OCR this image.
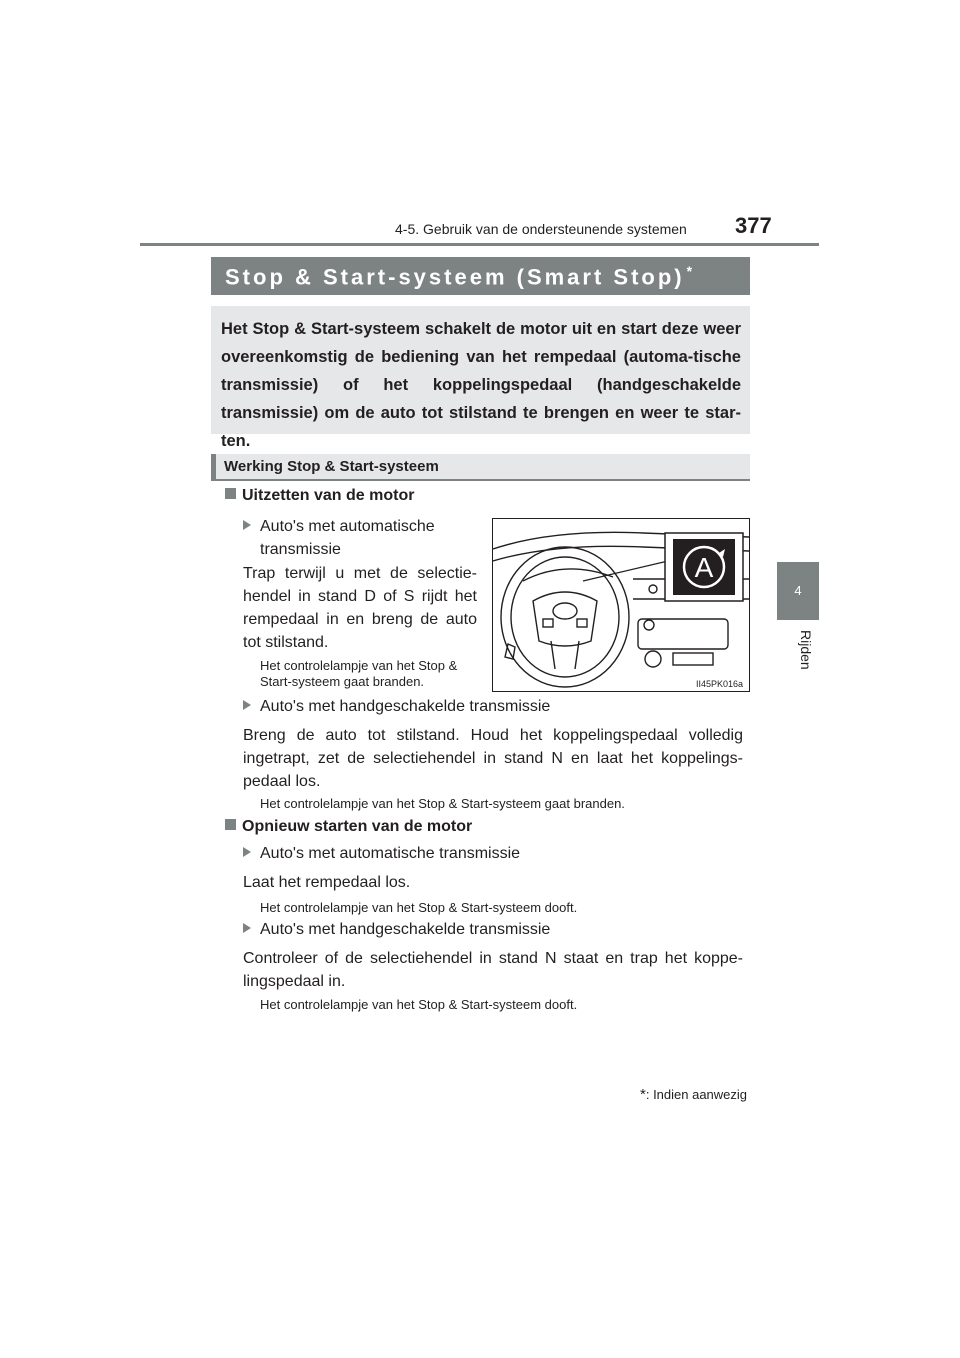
4-5. Gebruik van de ondersteunende systemen 377
4
Rijden
Stop & Start-systeem (Smart Stop) *
Het Stop & Start-systeem schakelt de motor uit en start deze weer overeenkomstig de bediening van het rempedaal (automa-tische transmissie) of het koppelingspedaal (handgeschakelde transmissie) om de auto tot stilstand te brengen en weer te star-ten.
Werking Stop & Start-systeem
Uitzetten van de motor
Auto's met automatische transmissie
Trap terwijl u met de selectie-hendel in stand D of S rijdt het rempedaal in en breng de auto tot stilstand.
Het controlelampje van het Stop & Start-systeem gaat branden.
A
II45PK016a
Auto's met handgeschakelde transmissie
Breng de auto tot stilstand. Houd het koppelingspedaal volledig ingetrapt, zet de selectiehendel in stand N en laat het koppelings-pedaal los.
Het controlelampje van het Stop & Start-systeem gaat branden.
Opnieuw starten van de motor
Auto's met automatische transmissie
Laat het rempedaal los.
Het controlelampje van het Stop & Start-systeem dooft.
Auto's met handgeschakelde transmissie
Controleer of de selectiehendel in stand N staat en trap het koppe-lingspedaal in.
Het controlelampje van het Stop & Start-systeem dooft.
*: Indien aanwezig
